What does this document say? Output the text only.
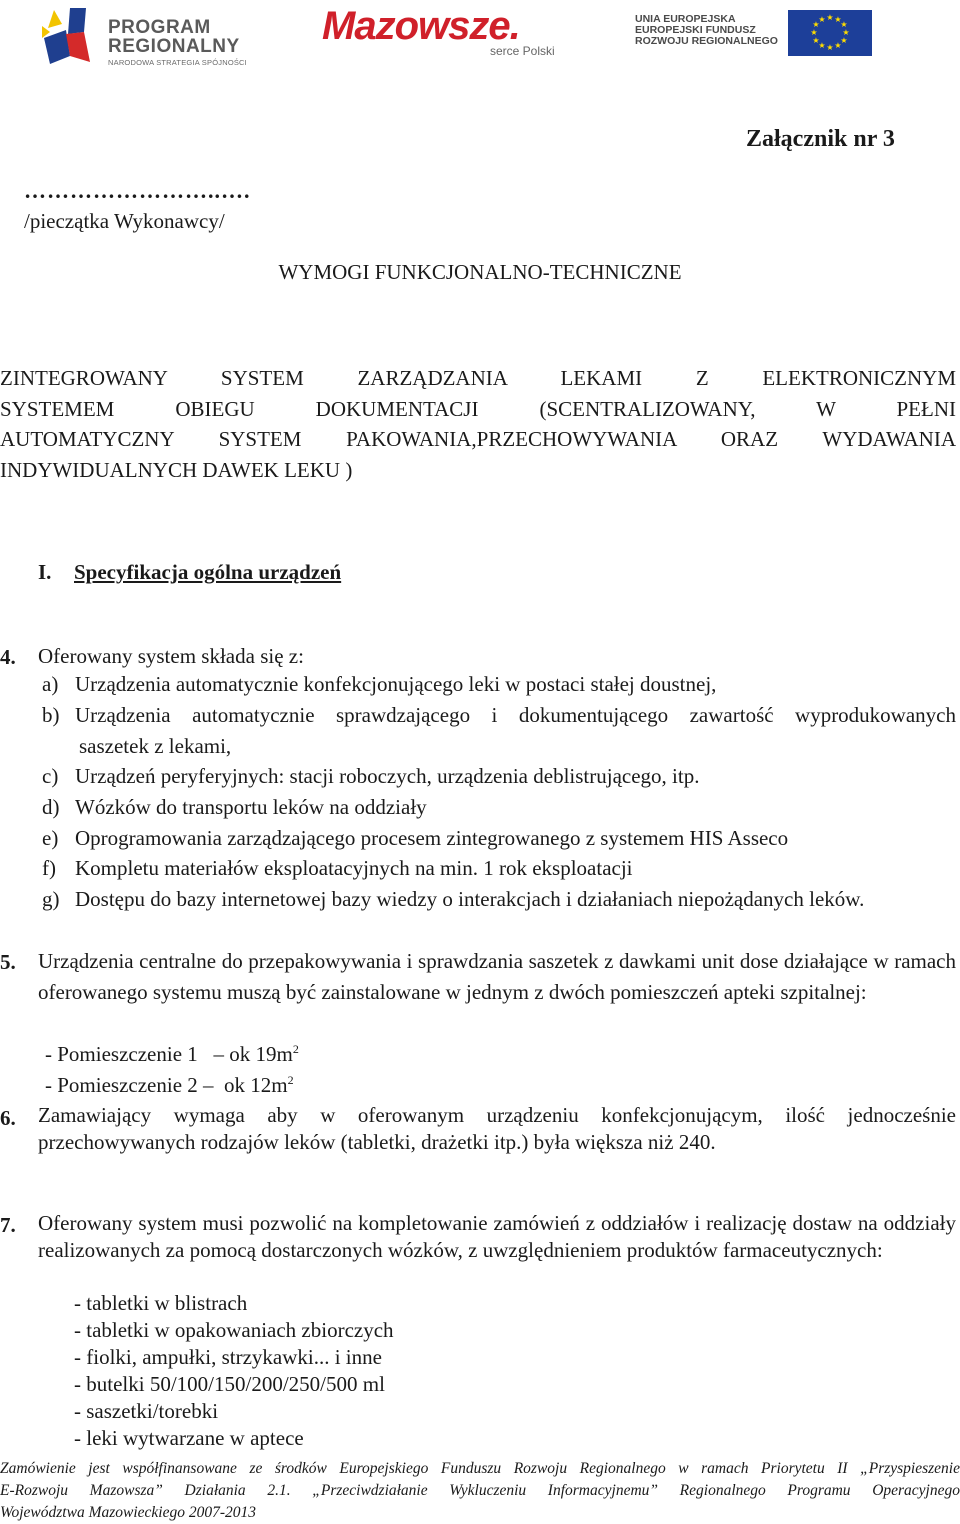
PROGRAM
REGIONALNY
NARODOWA STRATEGIA SPÓJNOŚCI
Mazowsze.
serce Polski
UNIA EUROPEJSKA
EUROPEJSKI FUNDUSZ
ROZWOJU REGIONALNEGO
★ ★
★
★
★
★
★
★
★
★
★
★
Załącznik nr 3
……………………..….
/pieczątka Wykonawcy/
WYMOGI FUNKCJONALNO-TECHNICZNE
ZINTEGROWANY SYSTEM ZARZĄDZANIA LEKAMI Z ELEKTRONICZNYM
SYSTEMEM OBIEGU DOKUMENTACJI (SCENTRALIZOWANY, W PEŁNI
AUTOMATYCZNY SYSTEM PAKOWANIA,PRZECHOWYWANIA ORAZ WYDAWANIA
INDYWIDUALNYCH DAWEK LEKU )
I. Specyfikacja ogólna urządzeń
4. Oferowany system składa się z:
a) Urządzenia automatycznie konfekcjonującego leki w postaci stałej doustnej,
b) Urządzenia automatycznie sprawdzającego i dokumentującego zawartość wyprodukowanych
saszetek z lekami,
c) Urządzeń peryferyjnych: stacji roboczych, urządzenia deblistrującego, itp.
d) Wózków do transportu leków na oddziały
e) Oprogramowania zarządzającego procesem zintegrowanego z systemem HIS Asseco
f) Kompletu materiałów eksploatacyjnych na min. 1 rok eksploatacji
g) Dostępu do bazy internetowej bazy wiedzy o interakcjach i działaniach niepożądanych leków.
5. Urządzenia centralne do przepakowywania i sprawdzania saszetek z dawkami unit dose działające w ramach oferowanego systemu muszą być zainstalowane w jednym z dwóch pomieszczeń apteki szpitalnej:
- Pomieszczenie 1   – ok $19m^2$
- Pomieszczenie 2 –  ok $12m^2$
6. Zamawiający wymaga aby w oferowanym urządzeniu konfekcjonującym, ilość jednocześnie przechowywanych rodzajów leków (tabletki, drażetki itp.) była większa niż 240.
7. Oferowany system musi pozwolić na kompletowanie zamówień z oddziałów i realizację dostaw na oddziały realizowanych za pomocą dostarczonych wózków, z uwzględnieniem produktów farmaceutycznych:
- tabletki w blistrach
- tabletki w opakowaniach zbiorczych
- fiolki, ampułki, strzykawki... i inne
- butelki 50/100/150/200/250/500 ml
- saszetki/torebki
- leki wytwarzane w aptece
Zamówienie jest współfinansowane ze środków Europejskiego Funduszu Rozwoju Regionalnego w ramach Priorytetu II „Przyspieszenie
E-Rozwoju Mazowsza” Działania 2.1. „Przeciwdziałanie Wykluczeniu Informacyjnemu” Regionalnego Programu Operacyjnego
Województwa Mazowieckiego 2007-2013
